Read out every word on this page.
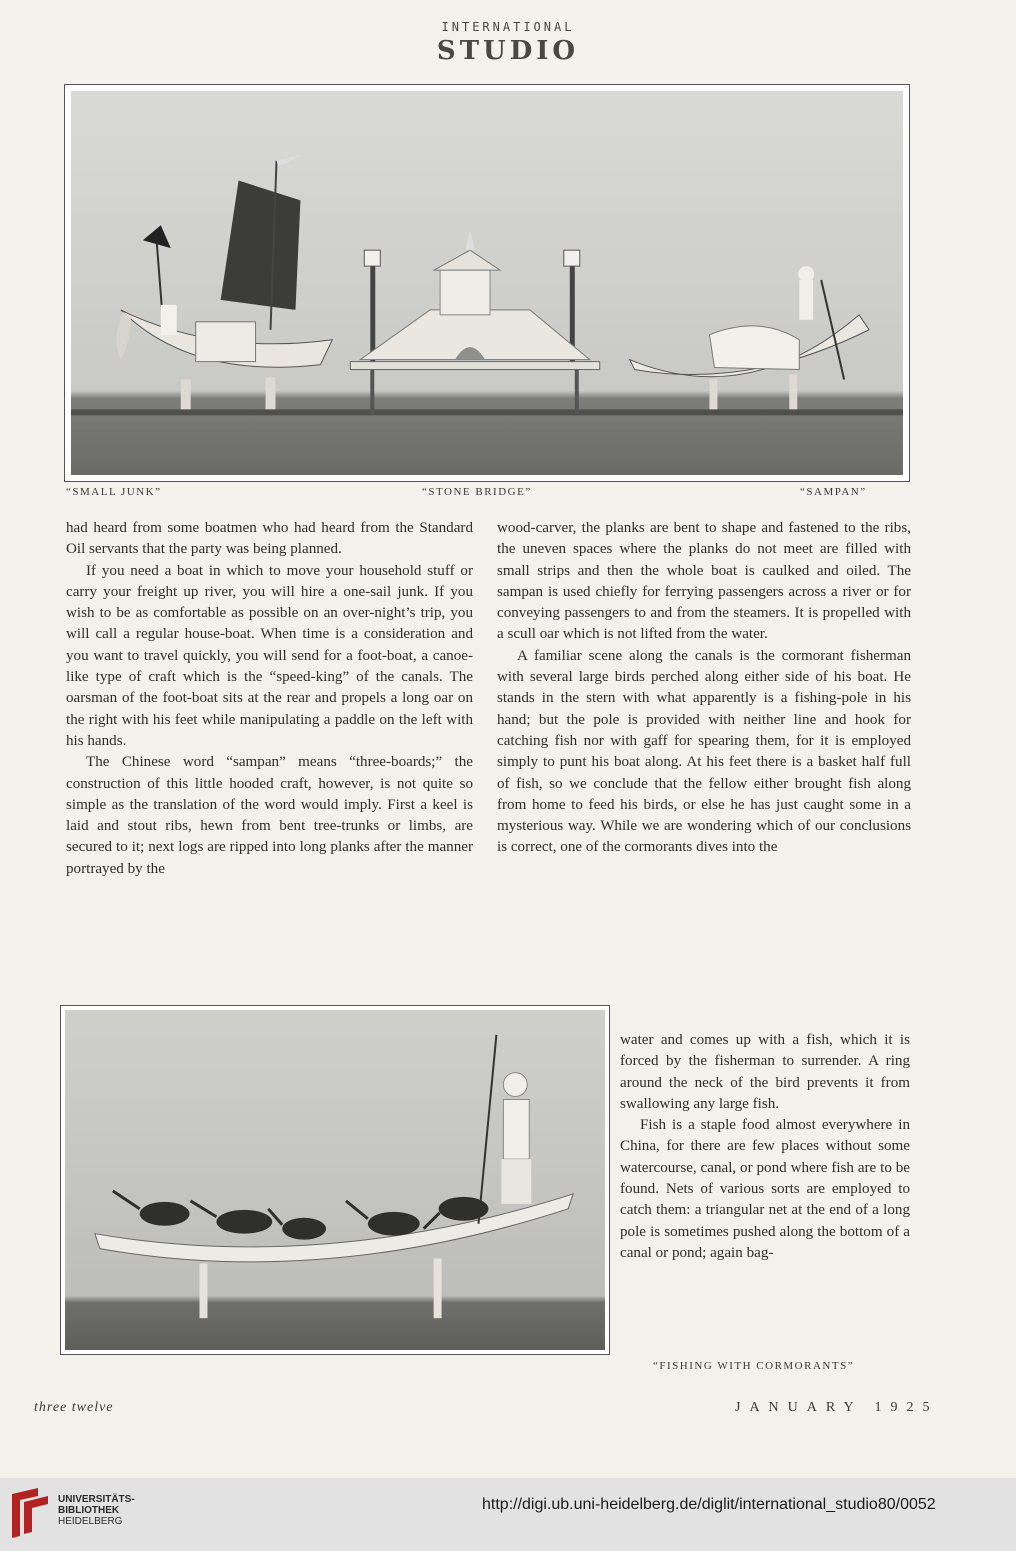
INTERNATIONAL
STUDIO
“SMALL JUNK”	“STONE BRIDGE”	“SAMPAN”

had heard from some boatmen who had heard from the Standard Oil servants that the party was being planned.

If you need a boat in which to move your household stuff or carry your freight up river, you will hire a one-sail junk. If you wish to be as comfortable as possible on an over-night’s trip, you will call a regular house-boat. When time is a consideration and you want to travel quickly, you will send for a foot-boat, a canoe-like type of craft which is the “speed-king” of the canals. The oarsman of the foot-boat sits at the rear and propels a long oar on the right with his feet while manipulating a paddle on the left with his hands.

The Chinese word “sampan” means “three-boards;” the construction of this little hooded craft, however, is not quite so simple as the translation of the word would imply. First a keel is laid and stout ribs, hewn from bent tree-trunks or limbs, are secured to it; next logs are ripped into long planks after the manner portrayed by the

wood-carver, the planks are bent to shape and fastened to the ribs, the uneven spaces where the planks do not meet are filled with small strips and then the whole boat is caulked and oiled. The sampan is used chiefly for ferrying passengers across a river or for conveying passengers to and from the steamers. It is propelled with a scull oar which is not lifted from the water.

A familiar scene along the canals is the cormorant fisherman with several large birds perched along either side of his boat. He stands in the stern with what apparently is a fishing-pole in his hand; but the pole is provided with neither line and hook for catching fish nor with gaff for spearing them, for it is employed simply to punt his boat along. At his feet there is a basket half full of fish, so we conclude that the fellow either brought fish along from home to feed his birds, or else he has just caught some in a mysterious way. While we are wondering which of our conclusions is correct, one of the cormorants dives into the

water and comes up with a fish, which it is forced by the fisherman to surrender. A ring around the neck of the bird prevents it from swallowing any large fish.

Fish is a staple food almost everywhere in China, for there are few places without some watercourse, canal, or pond where fish are to be found. Nets of various sorts are employed to catch them: a triangular net at the end of a long pole is sometimes pushed along the bottom of a canal or pond; again bag-

“FISHING WITH CORMORANTS”
three twelve	JANUARY 1925
UNIVERSITÄTS-
BIBLIOTHEK
HEIDELBERG
http://digi.ub.uni-heidelberg.de/diglit/international_studio80/0052
